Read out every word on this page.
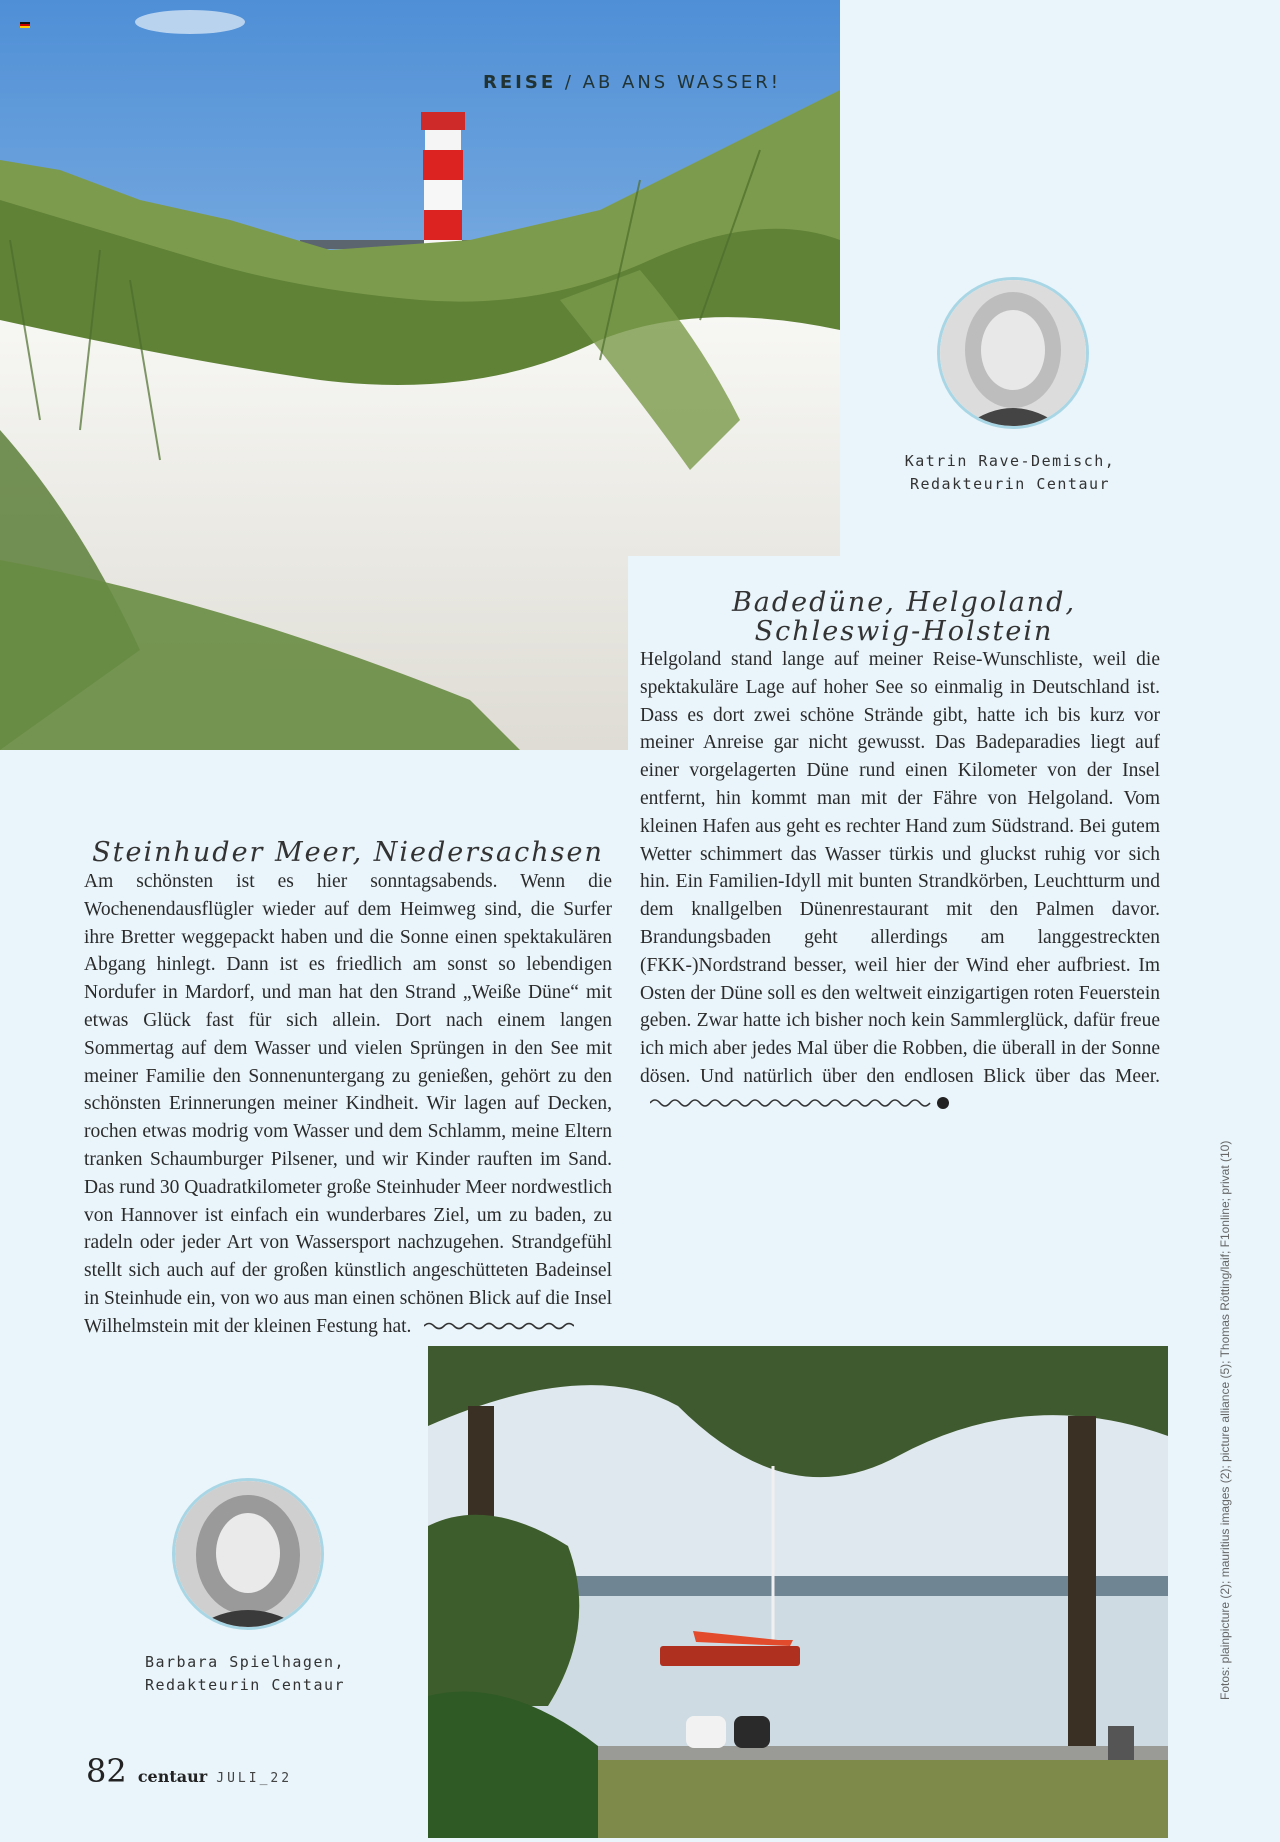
REISE / AB ANS WASSER!
Katrin Rave-Demisch,
Redakteurin Centaur
Badedüne, Helgoland,
Schleswig-Holstein
Helgoland stand lange auf meiner Reise-Wunschliste, weil die spektakuläre Lage auf hoher See so einmalig in Deutschland ist. Dass es dort zwei schöne Strände gibt, hatte ich bis kurz vor meiner Anreise gar nicht gewusst. Das Badeparadies liegt auf einer vorgelagerten Düne rund einen Kilometer von der Insel entfernt, hin kommt man mit der Fähre von Helgoland. Vom kleinen Hafen aus geht es rechter Hand zum Südstrand. Bei gutem Wetter schimmert das Wasser türkis und gluckst ruhig vor sich hin. Ein Familien-Idyll mit bunten Strandkörben, Leuchtturm und dem knallgelben Dünenrestaurant mit den Palmen davor. Brandungsbaden geht allerdings am langgestreckten (FKK-)Nordstrand besser, weil hier der Wind eher aufbriest. Im Osten der Düne soll es den weltweit einzigartigen roten Feuerstein geben. Zwar hatte ich bisher noch kein Sammlerglück, dafür freue ich mich aber jedes Mal über die Robben, die überall in der Sonne dösen. Und natürlich über den endlosen Blick über das Meer.
Steinhuder Meer, Niedersachsen
Am schönsten ist es hier sonntagsabends. Wenn die Wochenendausflügler wieder auf dem Heimweg sind, die Surfer ihre Bretter weggepackt haben und die Sonne einen spektakulären Abgang hinlegt. Dann ist es friedlich am sonst so lebendigen Nordufer in Mardorf, und man hat den Strand „Weiße Düne“ mit etwas Glück fast für sich allein. Dort nach einem langen Sommertag auf dem Wasser und vielen Sprüngen in den See mit meiner Familie den Sonnenuntergang zu genießen, gehört zu den schönsten Erinnerungen meiner Kindheit. Wir lagen auf Decken, rochen etwas modrig vom Wasser und dem Schlamm, meine Eltern tranken Schaumburger Pilsener, und wir Kinder rauften im Sand. Das rund 30 Quadratkilometer große Steinhuder Meer nordwestlich von Hannover ist einfach ein wunderbares Ziel, um zu baden, zu radeln oder jeder Art von Wassersport nachzugehen. Strandgefühl stellt sich auch auf der großen künstlich angeschütteten Badeinsel in Steinhude ein, von wo aus man einen schönen Blick auf die Insel Wilhelmstein mit der kleinen Festung hat.
Barbara Spielhagen,
Redakteurin Centaur
82 centaur JULI_22
Fotos: plainpicture (2); mauritius images (2); picture alliance (5); Thomas Rötting/laif; F1online; privat (10)
